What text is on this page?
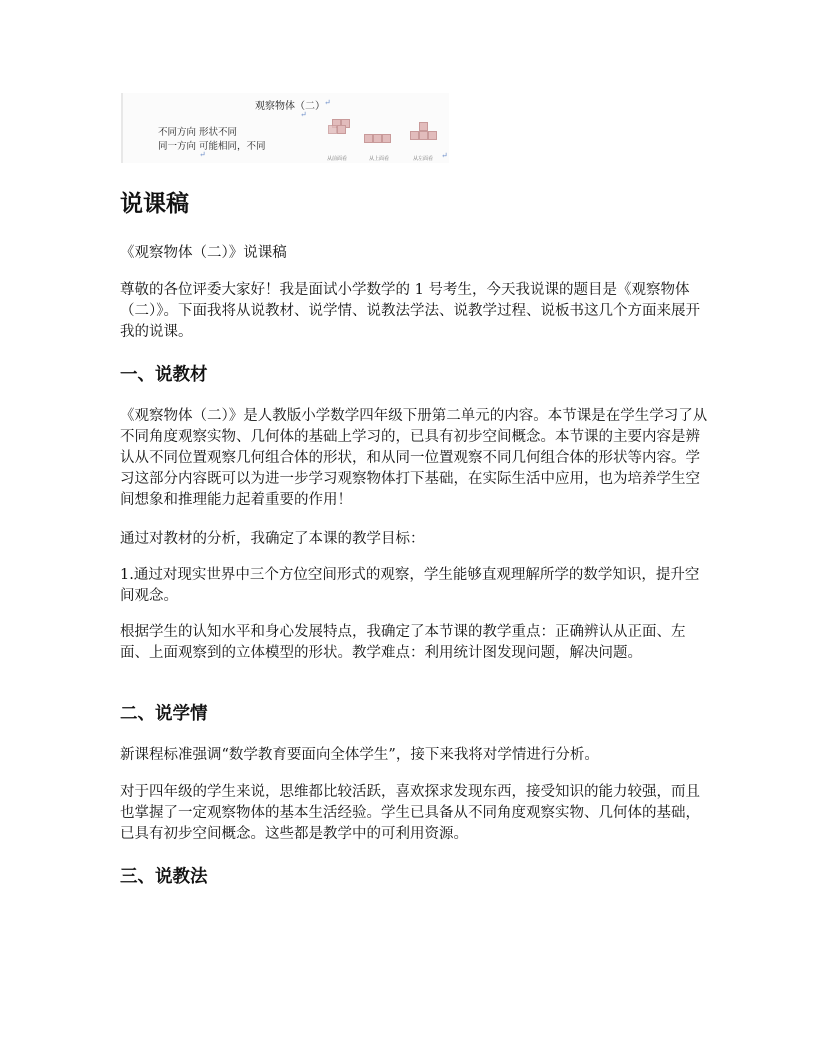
观察物体（二） ↵
↵
不同方向 形状不同
同一方向 可能相同，不同
↵	从前面看	从上面看	从左面看 ↵
说课稿

《观察物体（二）》说课稿

尊敬的各位评委大家好！我是面试小学数学的 1 号考生，今天我说课的题目是《观察物体（二）》。下面我将从说教材、说学情、说教法学法、说教学过程、说板书这几个方面来展开我的说课。

一、说教材

《观察物体（二）》是人教版小学数学四年级下册第二单元的内容。本节课是在学生学习了从不同角度观察实物、几何体的基础上学习的，已具有初步空间概念。本节课的主要内容是辨认从不同位置观察几何组合体的形状，和从同一位置观察不同几何组合体的形状等内容。学习这部分内容既可以为进一步学习观察物体打下基础，在实际生活中应用，也为培养学生空间想象和推理能力起着重要的作用！

通过对教材的分析，我确定了本课的教学目标：

1.通过对现实世界中三个方位空间形式的观察，学生能够直观理解所学的数学知识，提升空间观念。

根据学生的认知水平和身心发展特点，我确定了本节课的教学重点：正确辨认从正面、左面、上面观察到的立体模型的形状。教学难点：利用统计图发现问题，解决问题。

二、说学情

新课程标准强调“数学教育要面向全体学生”，接下来我将对学情进行分析。

对于四年级的学生来说，思维都比较活跃，喜欢探求发现东西，接受知识的能力较强，而且也掌握了一定观察物体的基本生活经验。学生已具备从不同角度观察实物、几何体的基础，已具有初步空间概念。这些都是教学中的可利用资源。

三、说教法
